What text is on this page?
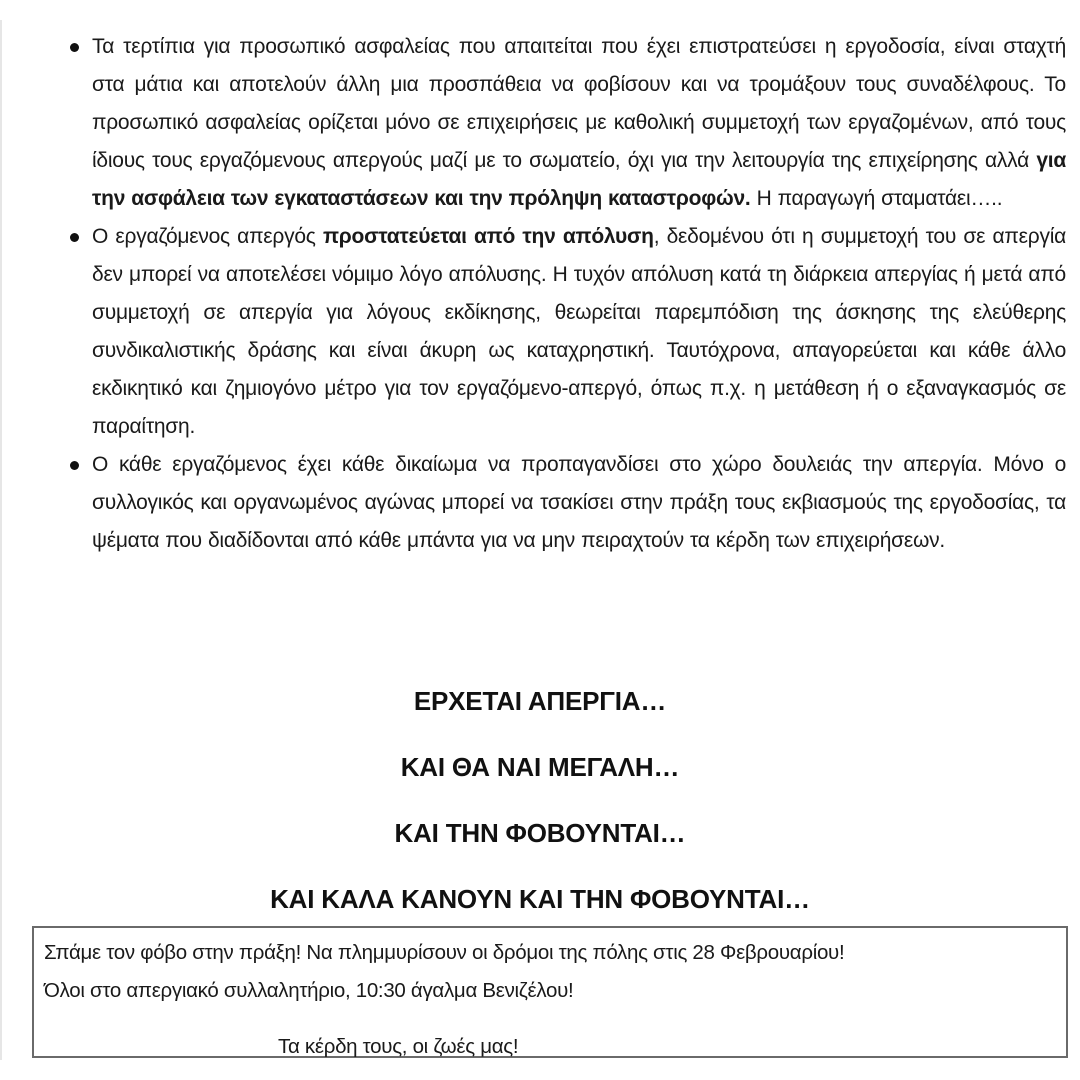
Τα τερτίπια για προσωπικό ασφαλείας που απαιτείται που έχει επιστρατεύσει η εργοδοσία, είναι σταχτή στα μάτια και αποτελούν άλλη μια προσπάθεια να φοβίσουν και να τρομάξουν τους συναδέλφους. Το προσωπικό ασφαλείας ορίζεται μόνο σε επιχειρήσεις με καθολική συμμετοχή των εργαζομένων, από τους ίδιους τους εργαζόμενους απεργούς μαζί με το σωματείο, όχι για την λειτουργία της επιχείρησης αλλά για την ασφάλεια των εγκαταστάσεων και την πρόληψη καταστροφών. Η παραγωγή σταματάει…..
Ο εργαζόμενος απεργός προστατεύεται από την απόλυση, δεδομένου ότι η συμμετοχή του σε απεργία δεν μπορεί να αποτελέσει νόμιμο λόγο απόλυσης. Η τυχόν απόλυση κατά τη διάρκεια απεργίας ή μετά από συμμετοχή σε απεργία για λόγους εκδίκησης, θεωρείται παρεμπόδιση της άσκησης της ελεύθερης συνδικαλιστικής δράσης και είναι άκυρη ως καταχρηστική. Ταυτόχρονα, απαγορεύεται και κάθε άλλο εκδικητικό και ζημιογόνο μέτρο για τον εργαζόμενο-απεργό, όπως π.χ. η μετάθεση ή ο εξαναγκασμός σε παραίτηση.
Ο κάθε εργαζόμενος έχει κάθε δικαίωμα να προπαγανδίσει στο χώρο δουλειάς την απεργία. Μόνο ο συλλογικός και οργανωμένος αγώνας μπορεί να τσακίσει στην πράξη τους εκβιασμούς της εργοδοσίας, τα ψέματα που διαδίδονται από κάθε μπάντα για να μην πειραχτούν τα κέρδη των επιχειρήσεων.
ΕΡΧΕΤΑΙ ΑΠΕΡΓΙΑ…
ΚΑΙ ΘΑ ΝΑΙ ΜΕΓΑΛΗ…
ΚΑΙ ΤΗΝ ΦΟΒΟΥΝΤΑΙ…
ΚΑΙ ΚΑΛΑ ΚΑΝΟΥΝ ΚΑΙ ΤΗΝ ΦΟΒΟΥΝΤΑΙ…

Σπάμε τον φόβο στην πράξη! Να πλημμυρίσουν οι δρόμοι της πόλης στις 28 Φεβρουαρίου!

Όλοι στο απεργιακό συλλαλητήριο, 10:30 άγαλμα Βενιζέλου!

Τα κέρδη τους, οι ζωές μας!
